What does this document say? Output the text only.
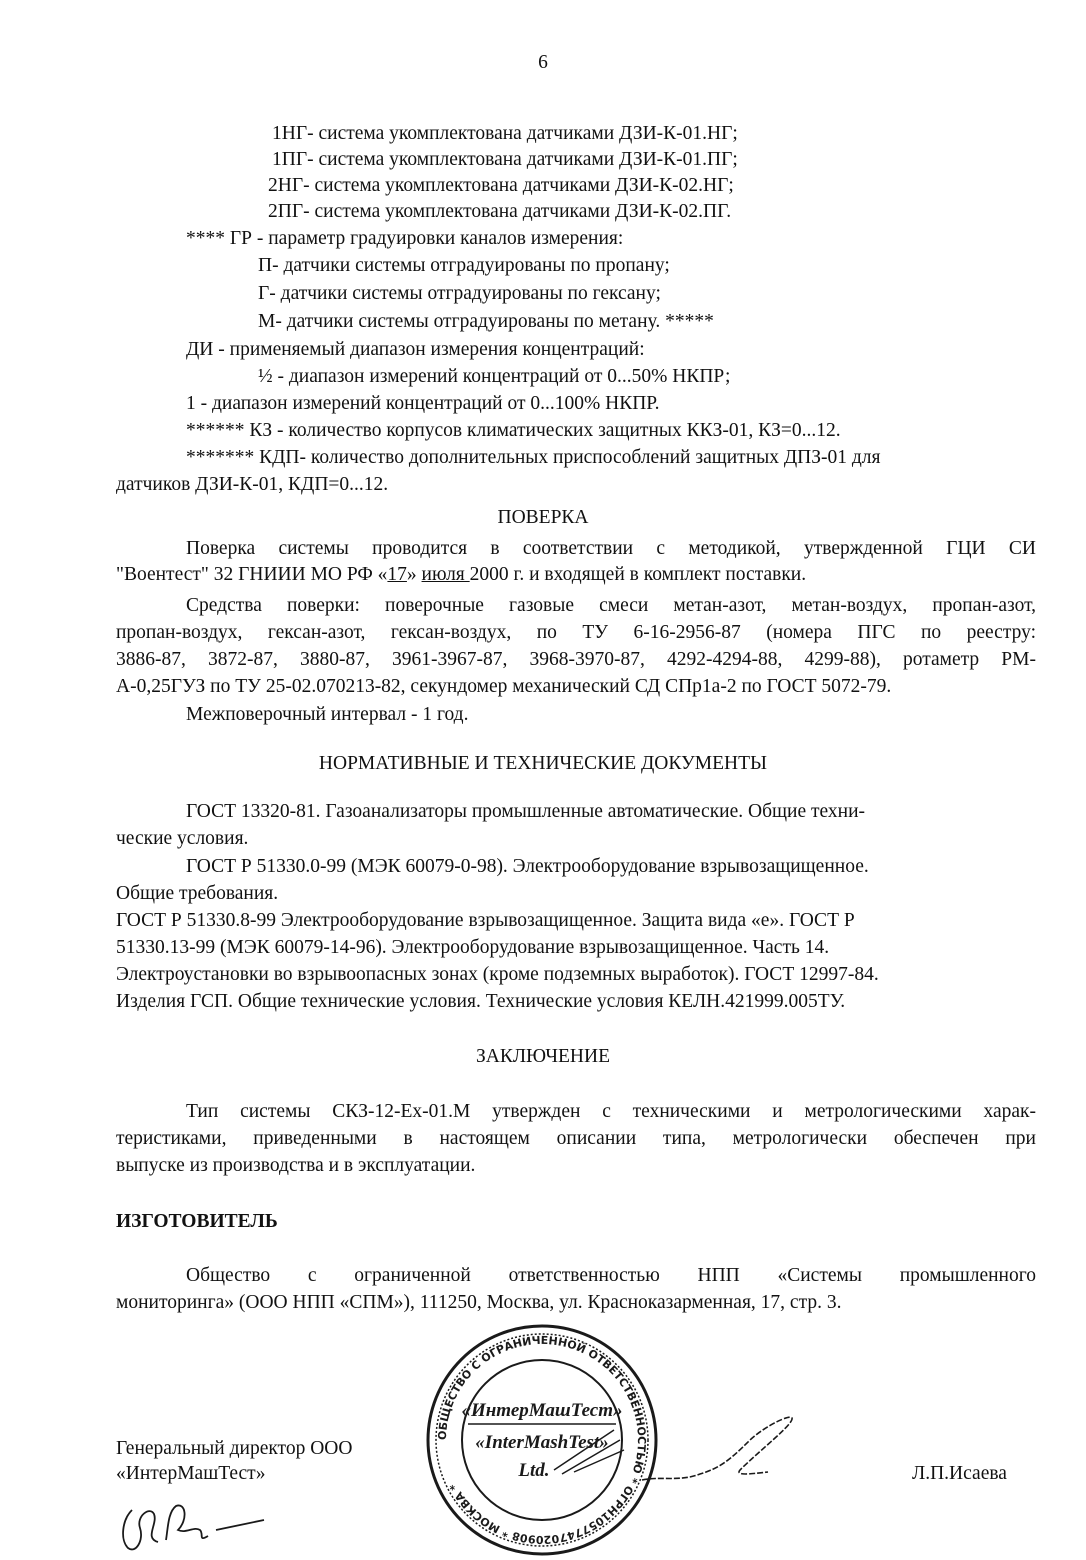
6
1НГ- система укомплектована датчиками ДЗИ-К-01.НГ;
1ПГ- система укомплектована датчиками ДЗИ-К-01.ПГ;
2НГ- система укомплектована датчиками ДЗИ-К-02.НГ;
2ПГ- система укомплектована датчиками ДЗИ-К-02.ПГ.
**** ГР - параметр градуировки каналов измерения:
П- датчики системы отградуированы по пропану;
Г- датчики системы отградуированы по гексану;
М- датчики системы отградуированы по метану. *****
ДИ - применяемый диапазон измерения концентраций:
½ - диапазон измерений концентраций от 0...50% НКПР;
1 - диапазон измерений концентраций от 0...100% НКПР.
****** КЗ - количество корпусов климатических защитных ККЗ-01, КЗ=0...12.
******* КДП- количество дополнительных приспособлений защитных ДПЗ-01 для
датчиков ДЗИ-К-01, КДП=0...12.
ПОВЕРКА
Поверка системы проводится в соответствии с методикой, утвержденной ГЦИ СИ
"Воентест" 32 ГНИИИ МО РФ «17» июля 2000 г. и входящей в комплект поставки.
Средства поверки: поверочные газовые смеси метан-азот, метан-воздух, пропан-азот,
пропан-воздух, гексан-азот, гексан-воздух, по ТУ 6-16-2956-87 (номера ПГС по реестру:
3886-87, 3872-87, 3880-87, 3961-3967-87, 3968-3970-87, 4292-4294-88, 4299-88), ротаметр РМ-
А-0,25ГУЗ по ТУ 25-02.070213-82, секундомер механический СД СПр1а-2 по ГОСТ 5072-79.
Межповерочный интервал - 1 год.
НОРМАТИВНЫЕ И ТЕХНИЧЕСКИЕ ДОКУМЕНТЫ
ГОСТ 13320-81. Газоанализаторы промышленные автоматические. Общие техни-
ческие условия.
ГОСТ Р 51330.0-99 (МЭК 60079-0-98). Электрооборудование взрывозащищенное.
Общие требования.
ГОСТ Р 51330.8-99 Электрооборудование взрывозащищенное. Защита вида «е». ГОСТ Р
51330.13-99 (МЭК 60079-14-96). Электрооборудование взрывозащищенное. Часть 14.
Электроустановки во взрывоопасных зонах (кроме подземных выработок). ГОСТ 12997-84.
Изделия ГСП. Общие технические условия. Технические условия КЕЛН.421999.005ТУ.
ЗАКЛЮЧЕНИЕ
Тип системы СКЗ-12-Ех-01.М утвержден с техническими и метрологическими харак-
теристиками, приведенными в настоящем описании типа, метрологически обеспечен при
выпуске из производства и в эксплуатации.
ИЗГОТОВИТЕЛЬ
Общество с ограниченной ответственностью НПП «Системы промышленного
мониторинга» (ООО НПП «СПМ»), 111250, Москва, ул. Красноказарменная, 17, стр. 3.
Генеральный директор ООО
«ИнтерМашТест»	Л.П.Исаева
ОБЩЕСТВО С ОГРАНИЧЕННОЙ ОТВЕТСТВЕННОСТЬЮ * ОГРН1057747020908 * МОСКВА *
«ИнтерМашТест»
«InterMashTest»
Ltd.
